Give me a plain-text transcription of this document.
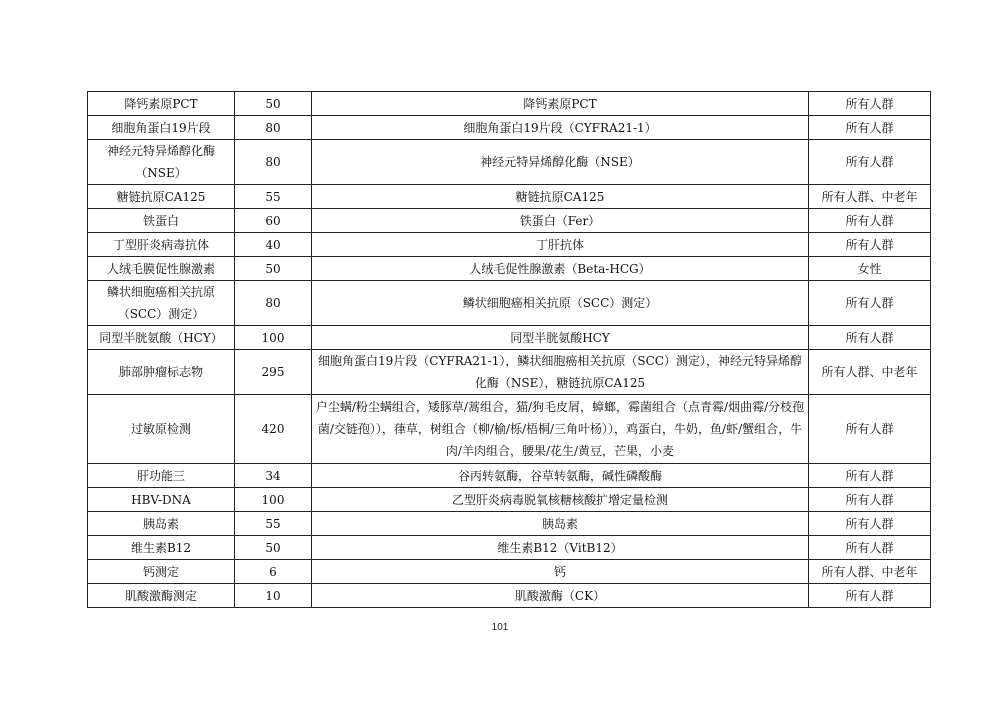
降钙素原PCT	50	降钙素原PCT	所有人群
细胞角蛋白19片段	80	细胞角蛋白19片段（CYFRA21-1）	所有人群
神经元特异烯醇化酶（NSE）	80	神经元特异烯醇化酶（NSE）	所有人群
糖链抗原CA125	55	糖链抗原CA125	所有人群、中老年
铁蛋白	60	铁蛋白（Fer）	所有人群
丁型肝炎病毒抗体	40	丁肝抗体	所有人群
人绒毛膜促性腺激素	50	人绒毛促性腺激素（Beta-HCG）	女性
鳞状细胞癌相关抗原（SCC）测定）	80	鳞状细胞癌相关抗原（SCC）测定）	所有人群
同型半胱氨酸（HCY）	100	同型半胱氨酸HCY	所有人群
肺部肿瘤标志物	295	细胞角蛋白19片段（CYFRA21-1），鳞状细胞癌相关抗原（SCC）测定），神经元特异烯醇化酶（NSE），糖链抗原CA125	所有人群、中老年
过敏原检测	420	户尘螨/粉尘螨组合，矮豚草/蒿组合，猫/狗毛皮屑，蟑螂，霉菌组合（点青霉/烟曲霉/分枝孢菌/交链孢）），葎草，树组合（柳/榆/栎/梧桐/三角叶杨）），鸡蛋白，牛奶，鱼/虾/蟹组合，牛肉/羊肉组合，腰果/花生/黄豆，芒果，小麦	所有人群
肝功能三	34	谷丙转氨酶，谷草转氨酶，碱性磷酸酶	所有人群
HBV-DNA	100	乙型肝炎病毒脱氧核糖核酸扩增定量检测	所有人群
胰岛素	55	胰岛素	所有人群
维生素B12	50	维生素B12（VitB12）	所有人群
钙测定	6	钙	所有人群、中老年
肌酸激酶测定	10	肌酸激酶（CK）	所有人群
101
